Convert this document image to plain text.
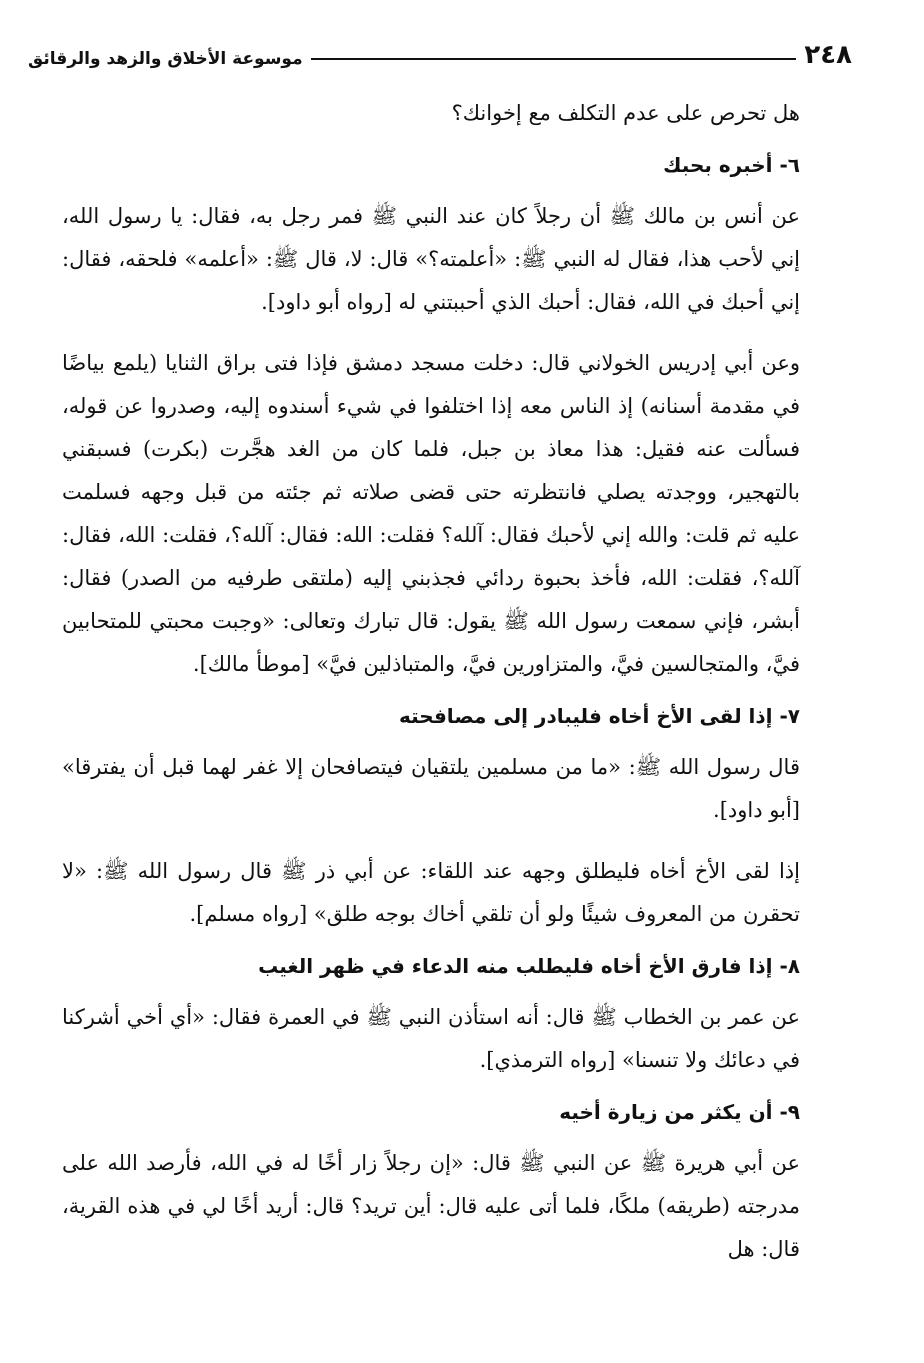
٢٤٨
موسوعة الأخلاق والزهد والرقائق

هل تحرص على عدم التكلف مع إخوانك؟

٦- أخبره بحبك

عن أنس بن مالك ﷺ أن رجلاً كان عند النبي ﷺ فمر رجل به، فقال: يا رسول الله، إني لأحب هذا، فقال له النبي ﷺ: «أعلمته؟» قال: لا، قال ﷺ: «أعلمه» فلحقه، فقال: إني أحبك في الله، فقال: أحبك الذي أحببتني له [رواه أبو داود].

وعن أبي إدريس الخولاني قال: دخلت مسجد دمشق فإذا فتى براق الثنايا (يلمع بياضًا في مقدمة أسنانه) إذ الناس معه إذا اختلفوا في شيء أسندوه إليه، وصدروا عن قوله، فسألت عنه فقيل: هذا معاذ بن جبل، فلما كان من الغد هجَّرت (بكرت) فسبقني بالتهجير، ووجدته يصلي فانتظرته حتى قضى صلاته ثم جئته من قبل وجهه فسلمت عليه ثم قلت: والله إني لأحبك فقال: آلله؟ فقلت: الله: فقال: آلله؟، فقلت: الله، فقال: آلله؟، فقلت: الله، فأخذ بحبوة ردائي فجذبني إليه (ملتقى طرفيه من الصدر) فقال: أبشر، فإني سمعت رسول الله ﷺ يقول: قال تبارك وتعالى: «وجبت محبتي للمتحابين فيَّ، والمتجالسين فيَّ، والمتزاورين فيَّ، والمتباذلين فيَّ» [موطأ مالك].

٧- إذا لقى الأخ أخاه فليبادر إلى مصافحته

قال رسول الله ﷺ: «ما من مسلمين يلتقيان فيتصافحان إلا غفر لهما قبل أن يفترقا» [أبو داود].

إذا لقى الأخ أخاه فليطلق وجهه عند اللقاء: عن أبي ذر ﷺ قال رسول الله ﷺ: «لا تحقرن من المعروف شيئًا ولو أن تلقي أخاك بوجه طلق» [رواه مسلم].

٨- إذا فارق الأخ أخاه فليطلب منه الدعاء في ظهر الغيب

عن عمر بن الخطاب ﷺ قال: أنه استأذن النبي ﷺ في العمرة فقال: «أي أخي أشركنا في دعائك ولا تنسنا» [رواه الترمذي].

٩- أن يكثر من زيارة أخيه

عن أبي هريرة ﷺ عن النبي ﷺ قال: «إن رجلاً زار أخًا له في الله، فأرصد الله على مدرجته (طريقه) ملكًا، فلما أتى عليه قال: أين تريد؟ قال: أريد أخًا لي في هذه القرية، قال: هل
